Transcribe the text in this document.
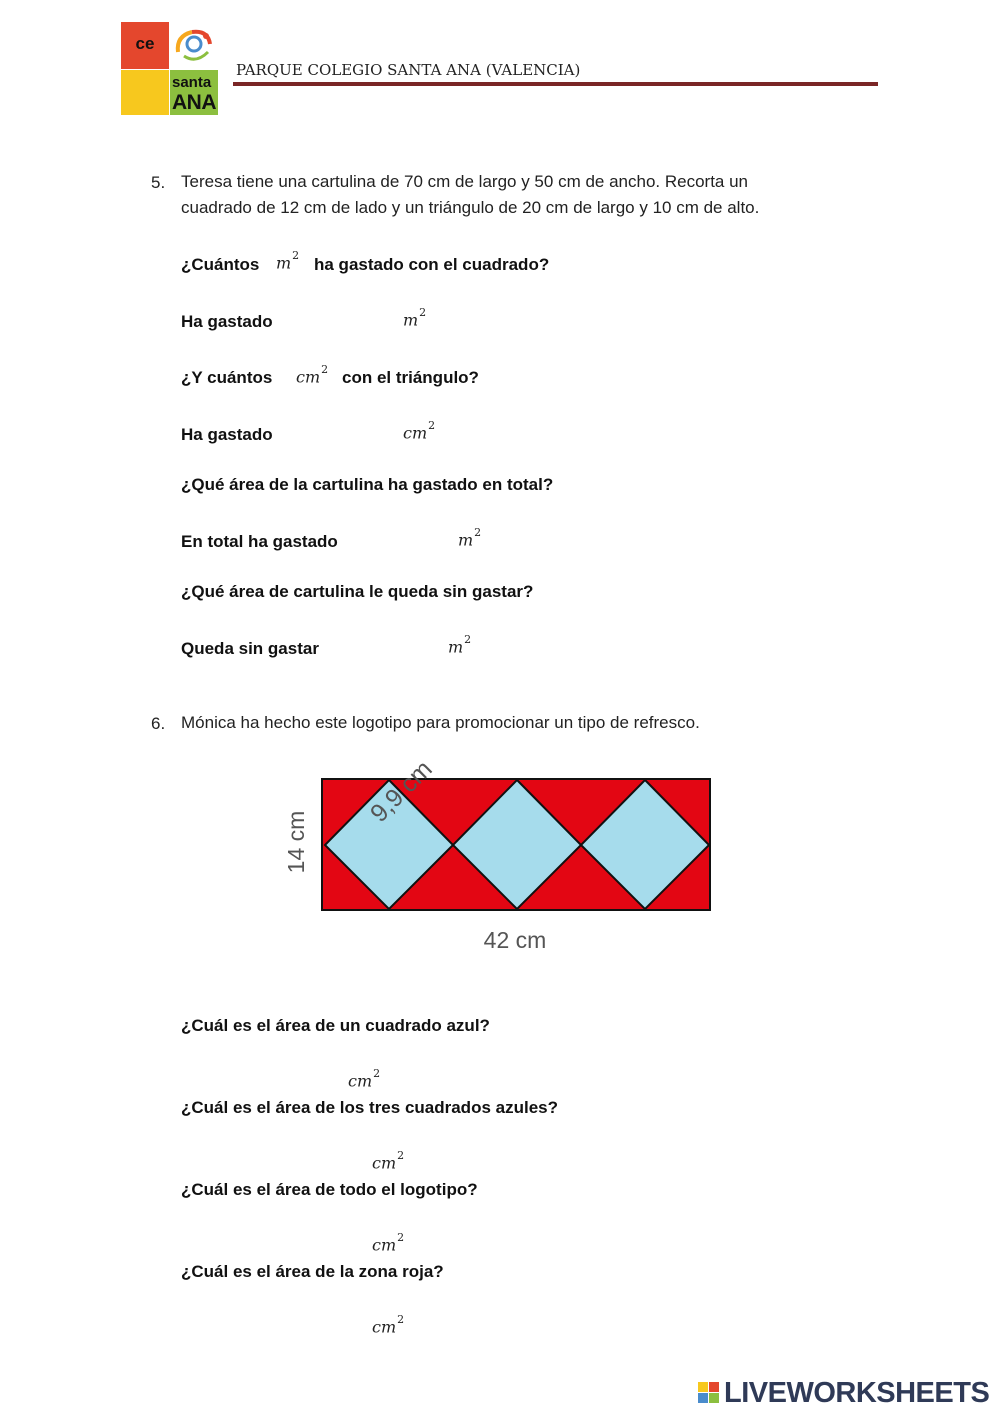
ce
santa
ANA
PARQUE COLEGIO SANTA ANA (VALENCIA)
5. Teresa tiene una cartulina de 70 cm de largo y 50 cm de ancho. Recorta un
cuadrado de 12 cm de lado y un triángulo de 20 cm de largo y 10 cm de alto.
¿Cuántos $m^2$ ha gastado con el cuadrado?
Ha gastado	$m^2$
¿Y cuántos $cm^2$ con el triángulo?
Ha gastado	$cm^2$
¿Qué área de la cartulina ha gastado en total?
En total ha gastado	$m^2$
¿Qué área de cartulina le queda sin gastar?
Queda sin gastar	$m^2$
6. Mónica ha hecho este logotipo para promocionar un tipo de refresco.
9,9 cm
14 cm
42 cm
¿Cuál es el área de un cuadrado azul?
$cm^2$
¿Cuál es el área de los tres cuadrados azules?
$cm^2$
¿Cuál es el área de todo el logotipo?
$cm^2$
¿Cuál es el área de la zona roja?
$cm^2$
LIVEWORKSHEETS
